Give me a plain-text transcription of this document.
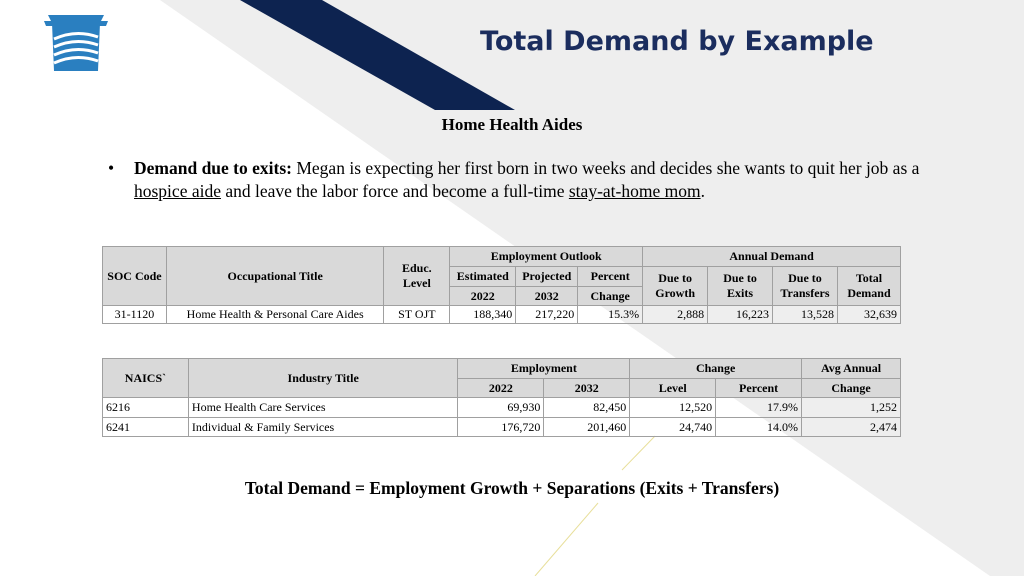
Total Demand by Example
Home Health Aides
• Demand due to exits: Megan is expecting her first born in two weeks and decides she wants to quit her job as a hospice aide and leave the labor force and become a full-time stay-at-home mom.
SOC Code	Occupational Title	Educ. Level	Employment Outlook			Annual Demand			
			Estimated	Projected	Percent	Due to Growth	Due to Exits	Due to Transfers	Total Demand
			2022	2032	Change				
31-1120	Home Health & Personal Care Aides	ST OJT	188,340	217,220	15.3%	2,888	16,223	13,528	32,639
NAICS`	Industry Title	Employment		Change		Avg Annual
		2022	2032	Level	Percent	Change
6216	Home Health Care Services	69,930	82,450	12,520	17.9%	1,252
6241	Individual & Family Services	176,720	201,460	24,740	14.0%	2,474
Total Demand = Employment Growth + Separations (Exits + Transfers)
